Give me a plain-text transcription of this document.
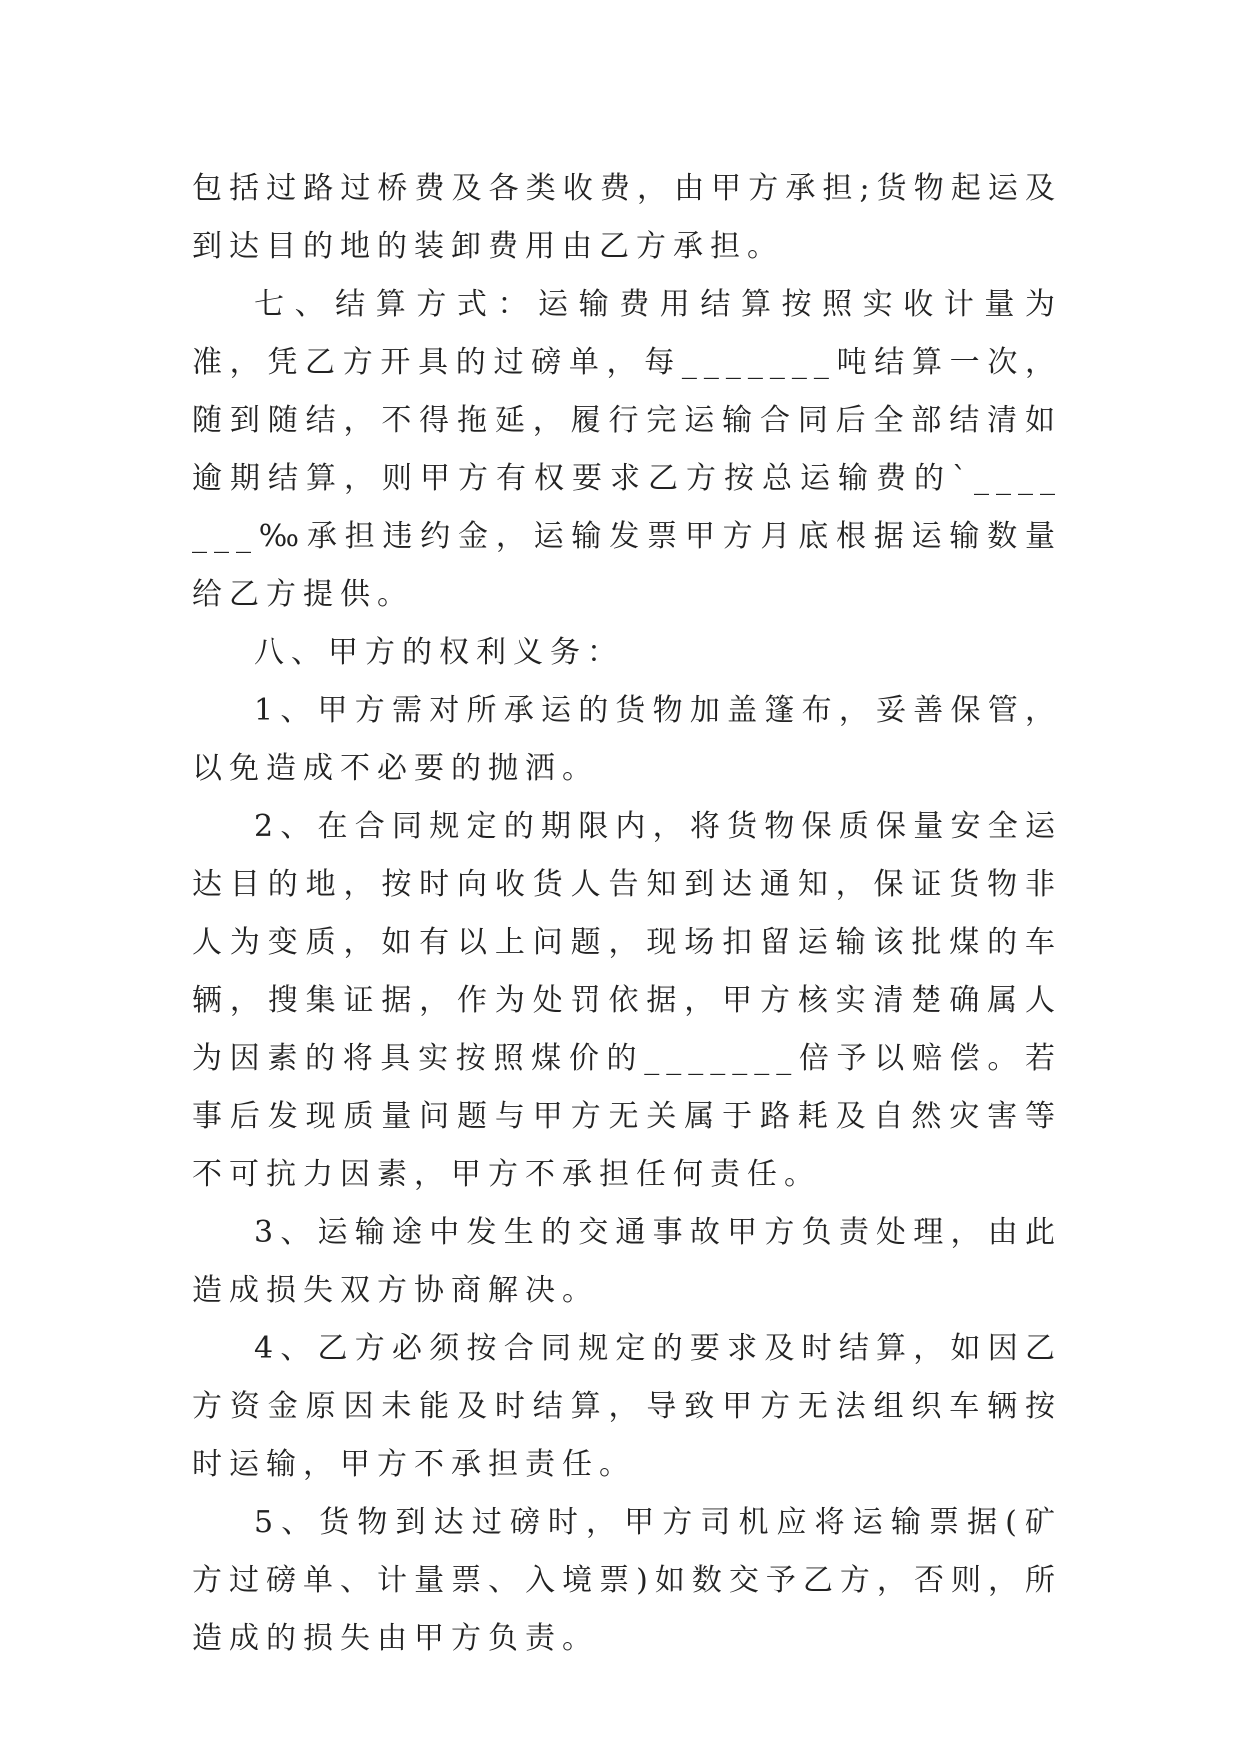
包括过路过桥费及各类收费，由甲方承担;货物起运及到达目的地的装卸费用由乙方承担。

七、结算方式：运输费用结算按照实收计量为准，凭乙方开具的过磅单，每_______吨结算一次，随到随结，不得拖延，履行完运输合同后全部结清如逾期结算，则甲方有权要求乙方按总运输费的`_______‰承担违约金，运输发票甲方月底根据运输数量给乙方提供。

八、甲方的权利义务：

1、甲方需对所承运的货物加盖篷布，妥善保管，以免造成不必要的抛洒。

2、在合同规定的期限内，将货物保质保量安全运达目的地，按时向收货人告知到达通知，保证货物非人为变质，如有以上问题，现场扣留运输该批煤的车辆，搜集证据，作为处罚依据，甲方核实清楚确属人为因素的将具实按照煤价的_______倍予以赔偿。若事后发现质量问题与甲方无关属于路耗及自然灾害等不可抗力因素，甲方不承担任何责任。

3、运输途中发生的交通事故甲方负责处理，由此造成损失双方协商解决。

4、乙方必须按合同规定的要求及时结算，如因乙方资金原因未能及时结算，导致甲方无法组织车辆按时运输，甲方不承担责任。

5、货物到达过磅时，甲方司机应将运输票据(矿方过磅单、计量票、入境票)如数交予乙方，否则，所造成的损失由甲方负责。
